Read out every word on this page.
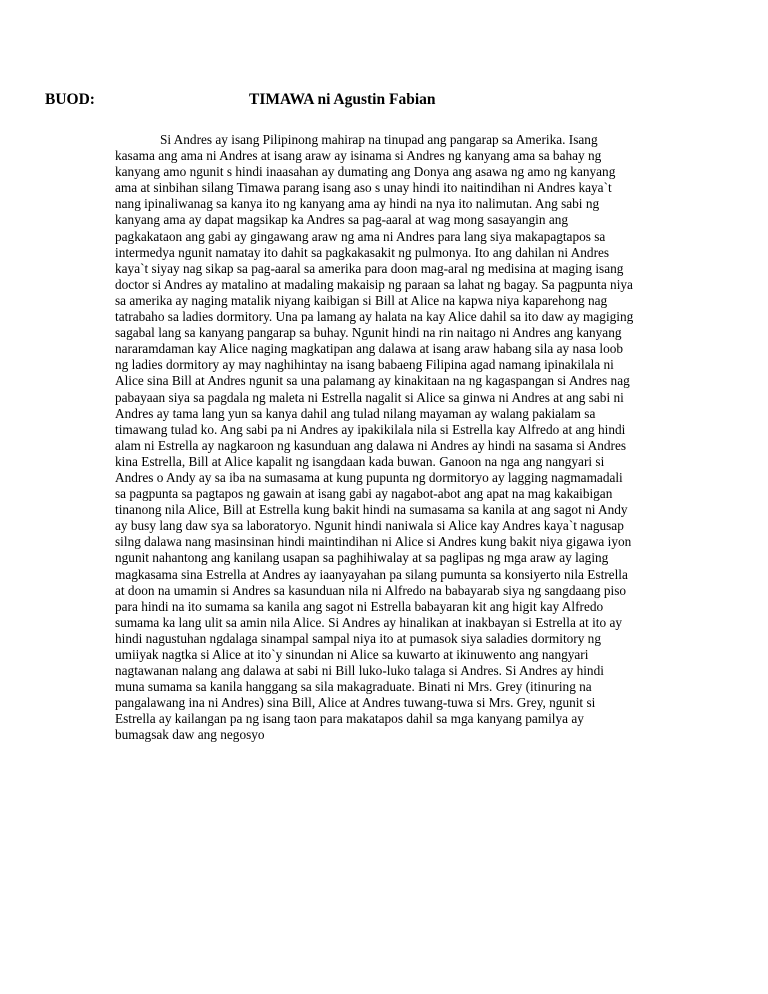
BUOD:	TIMAWA ni Agustin Fabian
Si Andres ay isang Pilipinong mahirap na tinupad ang pangarap sa Amerika. Isang
kasama ang ama ni Andres at isang araw ay isinama si Andres ng kanyang ama sa bahay ng
kanyang amo ngunit s hindi inaasahan ay dumating ang Donya ang asawa ng amo ng kanyang
ama at sinbihan silang Timawa parang isang aso s unay hindi ito naitindihan ni Andres kaya`t
nang ipinaliwanag sa kanya ito ng kanyang ama ay hindi na nya ito nalimutan. Ang sabi ng
kanyang ama ay dapat magsikap ka Andres sa pag-aaral at wag mong sasayangin ang
pagkakataon ang gabi ay gingawang araw ng ama ni Andres para lang siya makapagtapos sa
intermedya ngunit namatay ito dahit sa pagkakasakit ng pulmonya. Ito ang dahilan ni Andres
kaya`t siyay nag sikap sa pag-aaral sa amerika para doon mag-aral ng medisina at maging isang
doctor si Andres ay matalino at madaling makaisip ng paraan sa lahat ng bagay. Sa pagpunta niya
sa amerika ay naging matalik niyang kaibigan si Bill at Alice na kapwa niya kaparehong nag
tatrabaho sa ladies dormitory. Una pa lamang ay halata na kay Alice dahil sa ito daw ay magiging
sagabal lang sa kanyang pangarap sa buhay. Ngunit hindi na rin naitago ni Andres ang kanyang
nararamdaman kay Alice naging magkatipan ang dalawa at isang araw habang sila ay nasa loob
ng ladies dormitory ay may naghihintay na isang babaeng Filipina agad namang ipinakilala ni
Alice sina Bill at Andres ngunit sa una palamang ay kinakitaan na ng kagaspangan si Andres nag
pabayaan siya sa pagdala ng maleta ni Estrella nagalit si Alice sa ginwa ni Andres at ang sabi ni
Andres ay tama lang yun sa kanya dahil ang tulad nilang mayaman ay walang pakialam sa
timawang tulad ko. Ang sabi pa ni Andres ay ipakikilala nila si Estrella kay Alfredo at ang hindi
alam ni Estrella ay nagkaroon ng kasunduan ang dalawa ni Andres ay hindi na sasama si Andres
kina Estrella, Bill at Alice kapalit ng isangdaan kada buwan. Ganoon na nga ang nangyari si
Andres o Andy ay sa iba na sumasama at kung pupunta ng dormitoryo ay lagging nagmamadali
sa pagpunta sa pagtapos ng gawain at isang gabi ay nagabot-abot ang apat na mag kakaibigan
tinanong nila Alice, Bill at Estrella kung bakit hindi na sumasama sa kanila at ang sagot ni Andy
ay busy lang daw sya sa laboratoryo. Ngunit hindi naniwala si Alice kay Andres kaya`t nagusap
silng dalawa nang masinsinan hindi maintindihan ni Alice si Andres kung bakit niya gigawa iyon
ngunit nahantong ang kanilang usapan sa paghihiwalay at sa paglipas ng mga araw ay laging
magkasama sina Estrella at Andres ay iaanyayahan pa silang pumunta sa konsiyerto nila Estrella
at doon na umamin si Andres sa kasunduan nila ni Alfredo na babayarab siya ng sangdaang piso
para hindi na ito sumama sa kanila ang sagot ni Estrella babayaran kit ang higit kay Alfredo
sumama ka lang ulit sa amin nila Alice. Si Andres ay hinalikan at inakbayan si Estrella at ito ay
hindi nagustuhan ngdalaga sinampal sampal niya ito at pumasok siya saladies dormitory ng
umiiyak nagtka si Alice at ito`y sinundan ni Alice sa kuwarto at ikinuwento ang nangyari
nagtawanan nalang ang dalawa at sabi ni Bill luko-luko talaga si Andres. Si Andres ay hindi
muna sumama sa kanila hanggang sa sila makagraduate. Binati ni Mrs. Grey (itinuring na
pangalawang ina ni Andres) sina Bill, Alice at Andres tuwang-tuwa si Mrs. Grey, ngunit si
Estrella ay kailangan pa ng isang taon para makatapos dahil sa mga kanyang pamilya ay
bumagsak daw ang negosyo
